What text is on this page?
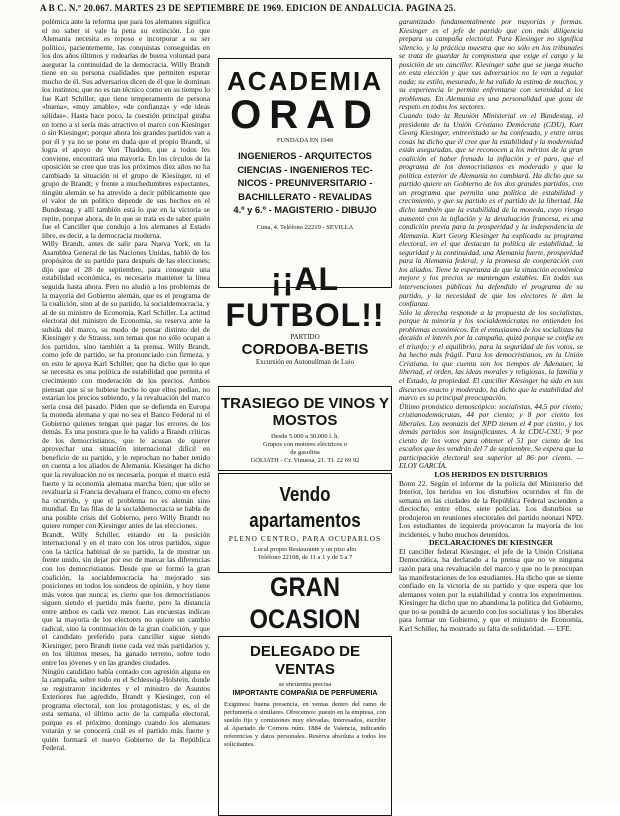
A B C. N.º 20.067. MARTES 23 DE SEPTIEMBRE DE 1969. EDICION DE ANDALUCIA. PAGINA 25.

polémica ante la reforma que para los alemanes significa el no saber si vale la pena su extinción. Lo que Alemania necesita es reposo e incorporar a su ser político, pacientemente, las conquistas conseguidas en los dos años últimos y rodearlas de buena voluntad para asegurar la continuidad de la democracia. Willy Brandt tiene en su persona cualidades que permiten esperar mucho de él. Sus adversarios dicen de él que le dominan los instintos; que no es tan técnico como en su tiempo lo fue Karl Schiller, que tiene temperamento de persona «buena», «muy amable», «de confianza» y «de ideas sólidas». Hasta hace poco, la cuestión principal giraba en torno a si sería más atractivo el marco con Kiesinger o sin Kiesinger; porque ahora los grandes partidos van a por él y ya no se pone en duda que el propio Brandt, si logra el apoyo de Von Thadden, que a todos les conviene, encontrará una mayoría. En los círculos de la oposición se cree que tras los próximos diez años no ha cambiado la situación ni el grupo de Kiesinger, ni el grupo de Brandt; y frente a muchedumbres expectantes, ningún alemán se ha atrevido a decir públicamente que el valor de un político depende de sus hechos en el Bundestag, y allí también está lo que en la victoria se repite, porque ahora, de lo que se trata es de saber quién fue el Canciller que condujo a los alemanes al Estado libre, es decir, a la democracia moderna.

Willy Brandt, antes de salir para Nueva York, en la Asamblea General de las Naciones Unidas, habló de los propósitos de su partido para después de las elecciones; dijo que el 28 de septiembre, para conseguir una estabilidad económica, es necesario mantener la línea seguida hasta ahora. Pero no aludió a los problemas de la mayoría del Gobierno alemán, que es el programa de la coalición, sino al de su partido, la socialdemocracia, y al de su ministro de Economía, Karl Schiller. La actitud electoral del ministro de Economía, su reserva ante la subida del marco, su modo de pensar distinto del de Kiesinger y de Strauss, son temas que no sólo ocupan a los partidos, sino también a la prensa. Willy Brandt, como jefe de partido, se ha pronunciado con firmeza, y en esto le apoya Karl Schiller, que ha dicho que lo que se necesita es una política de estabilidad que permita el crecimiento con moderación de los precios. Ambos piensan que si se hubiese hecho lo que ellos pedían, no estarían los precios subiendo, y la revaluación del marco sería cosa del pasado. Piden que se defienda en Europa la moneda alemana y que no sea el Banco Federal ni el Gobierno quienes tengan que pagar los errores de los demás. Es una postura que le ha valido a Brandt críticas de los democristianos, que le acusan de querer aprovechar una situación internacional difícil en beneficio de su partido, y le reprochan no haber tenido en cuenta a los aliados de Alemania. Kiesinger ha dicho que la revaluación no es necesaria, porque el marco está fuerte y la economía alemana marcha bien; que sólo se revaluaría si Francia devaluara el franco, como en efecto ha ocurrido, y que el problema no es alemán sino mundial. En las filas de la socialdemocracia se habla de una posible crisis del Gobierno, pero Willy Brandt no quiere romper con Kiesinger antes de las elecciones.

Brandt, Willy Schiller, estando en la posición internacional y en el trato con los otros partidos, sigue con la táctica habitual de su partido, la de mostrar un frente unido, sin dejar por eso de marcar las diferencias con los democristianos. Desde que se formó la gran coalición, la socialdemocracia ha mejorado sus posiciones en todos los sondeos de opinión, y hoy tiene más votos que nunca; es cierto que los democristianos siguen siendo el partido más fuerte, pero la distancia entre ambos es cada vez menor. Las encuestas indican que la mayoría de los electores no quiere un cambio radical, sino la continuación de la gran coalición, y que el candidato preferido para canciller sigue siendo Kiesinger; pero Brandt tiene cada vez más partidarios y, en los últimos meses, ha ganado terreno, sobre todo entre los jóvenes y en las grandes ciudades.

Ningún candidato había contado con agresión alguna en la campaña, sobre todo en el Schleswig-Holstein, donde se registraron incidentes y el ministro de Asuntos Exteriores fue agredido. Brandt y Kiesinger, con el programa electoral, son los protagonistas; y es, el de esta semana, el último acto de la campaña electoral, porque es el próximo domingo cuando los alemanes votarán y se conocerá cuál es el partido más fuerte y quién formará el nuevo Gobierno de la República Federal.

ACADEMIA
ORAD
FUNDADA EN 1949
INGENIEROS - ARQUITECTOS
CIENCIAS - INGENIEROS TEC-
NICOS - PREUNIVERSITARIO -
BACHILLERATO - REVALIDAS
4.º y 6.º - MAGISTERIO - DIBUJO
Cuna, 4. Teléfono 22219 - SEVILLA
¡¡AL FUTBOL!!
PARTIDO
CORDOBA-BETIS
Excursión en Autopullman de Lujo
TRASIEGO DE VINOS Y MOSTOS
Desde 5.000 a 30.000 l. h.
Grupos con motores eléctricos o
de gasolina
GOLIATH - Cr. Vinuesa, 21. Tf. 22 69 92
Vendo apartamentos
PLENO CENTRO, PARA OCUPARLOS
Local propio Restaurante y un piso alto
Teléfono 22108, de 11 a 1 y de 5 a 7
GRAN OCASION
DELEGADO DE VENTAS
se encuentra precisa
IMPORTANTE COMPAÑIA DE PERFUMERIA
Exigimos: buena presencia, en ventas dentro del ramo de perfumería o similares. Ofrecemos: puesto en la empresa, con sueldo fijo y comisiones muy elevadas. Interesados, escribir al Apartado de Correos núm. 1884 de Valencia, indicando referencias y datos personales. Reserva absoluta a todos los solicitantes.

garantizado fundamentalmente por mayorías y formas. Kiesinger es el jefe de partido que con más diligencia prepara su campaña electoral. Para Kiesinger no significa silencio, y la práctica muestra que no sólo en los tribunales se trata de guardar la compostura que exige el cargo y la posición de un canciller. Kiesinger sabe que se juega mucho en esta elección y que sus adversarios no le van a regalar nada; su estilo, mesurado, le ha valido la estima de muchos, y su experiencia le permite enfrentarse con serenidad a los problemas. En Alemania es una personalidad que goza de respeto en todos los sectores.

Cuando todo la Reunión Ministerial en el Bundestag, el presidente de la Unión Cristiano Demócrata (CDU), Kurt Georg Kiesinger, entrevistado se ha confesado, y entre otras cosas ha dicho que él cree que la estabilidad y la modernidad están aseguradas, que se reconocen a los méritos de la gran coalición el haber frenado la inflación y el paro, que el programa de los democristianos es moderado y que la política exterior de Alemania no cambiará. Ha dicho que su partido quiere un Gobierno de los dos grandes partidos, con un programa que permita una política de estabilidad y crecimiento, y que su partido es el partido de la libertad. Ha dicho también que la estabilidad de la moneda, cuyo riesgo aumentó con la inflación y la devaluación francesa, es una condición previa para la prosperidad y la independencia de Alemania. Kurt Georg Kiesinger ha explicado su programa electoral, en el que destacan la política de estabilidad, la seguridad y la continuidad, una Alemania fuerte, prosperidad para la Alemania federal, y la promesa de cooperación con los aliados. Tiene la esperanza de que la situación económica mejore y los precios se mantengan estables. En todas sus intervenciones públicas ha defendido el programa de su partido, y la necesidad de que los electores le den la confianza.

Sólo la derecha responde a la propuesta de los socialistas, porque la minoría y los socialdemócratas no entienden los problemas económicos. En el entusiasmo de los socialistas ha decaído el interés por la campaña, quizá porque se confía en el triunfo; y el equilibrio, para la seguridad de los votos, se ha hecho más frágil. Para los democristianos, en la Unión Cristiana, lo que cuenta son los tiempos de Adenauer, la libertad, el orden, las ideas morales y religiosas, la familia y el Estado, la propiedad. El canciller Kiesinger ha sido en sus discursos exacto y moderado, ha dicho que la estabilidad del marco es su principal preocupación.

Último pronóstico demoscópico: socialistas, 44,5 por ciento; cristianodemócratas, 44 por ciento; y 8 por ciento los liberales. Los neonazis del NPD tienen el 4 por ciento, y los demás partidos son insignificantes. A la CDU-CSU, 9 por ciento de los votos para obtener el 51 por ciento de los escaños que les vendrán del 7 de septiembre. Se espera que la participación electoral sea superior al 86 por ciento. — ELOY GARCÍA.

LOS HERIDOS EN DISTURBIOS

Bonn 22. Según el informe de la policía del Ministerio del Interior, los heridos en los disturbios ocurridos el fin de semana en las ciudades de la República Federal ascienden a dieciocho, entre ellos, siete policías. Los disturbios se produjeron en reuniones electorales del partido neonazi NPD. Los estudiantes de izquierda provocaron la mayoría de los incidentes, y hubo muchos detenidos.

DECLARACIONES DE KIESINGER

El canciller federal Kiesinger, el jefe de la Unión Cristiana Democrática, ha declarado a la prensa que no ve ninguna razón para una revaluación del marco y que no le preocupan las manifestaciones de los estudiantes. Ha dicho que se siente confiado en la victoria de su partido y que espera que los alemanes voten por la estabilidad y contra los experimentos. Kiesinger ha dicho que no abandona la política del Gobierno, que no se pondrá de acuerdo con los socialistas y los liberales para formar un Gobierno, y que el ministro de Economía, Karl Schiller, ha mostrado su falta de solidaridad. — EFE.
